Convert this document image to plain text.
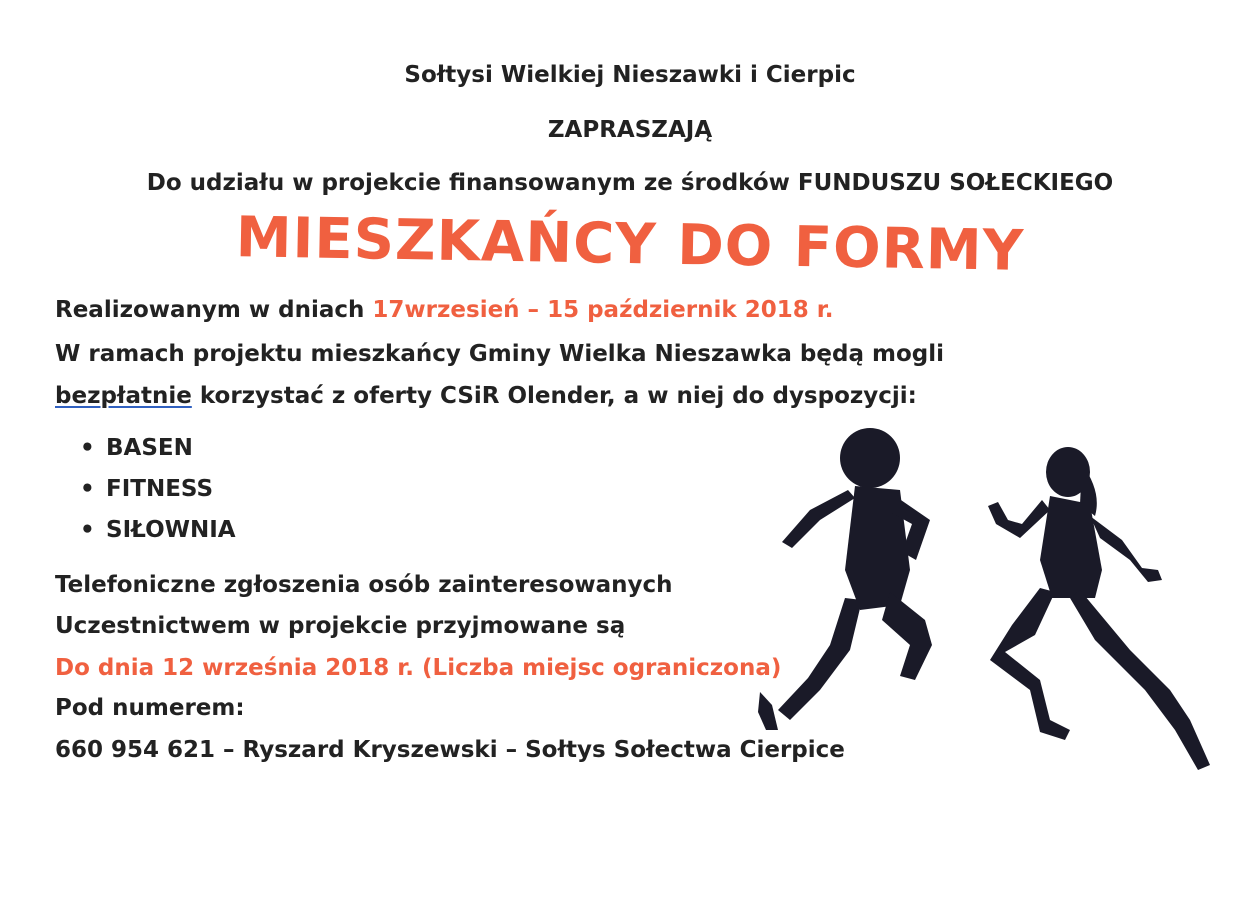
Sołtysi Wielkiej Nieszawki i Cierpic
ZAPRASZAJĄ
Do udziału w projekcie finansowanym ze środków FUNDUSZU SOŁECKIEGO
MIESZKAŃCY DO FORMY
Realizowanym w dniach 17wrzesień – 15 październik 2018 r.
W ramach projektu mieszkańcy Gminy Wielka Nieszawka będą mogli
bezpłatnie korzystać z oferty CSiR Olender, a w niej do dyspozycji:
• BASEN
• FITNESS
• SIŁOWNIA
Telefoniczne zgłoszenia osób zainteresowanych
Uczestnictwem w projekcie przyjmowane są
Do dnia 12 września 2018 r. (Liczba miejsc ograniczona)
Pod numerem:
660 954 621 – Ryszard Kryszewski – Sołtys Sołectwa Cierpice
